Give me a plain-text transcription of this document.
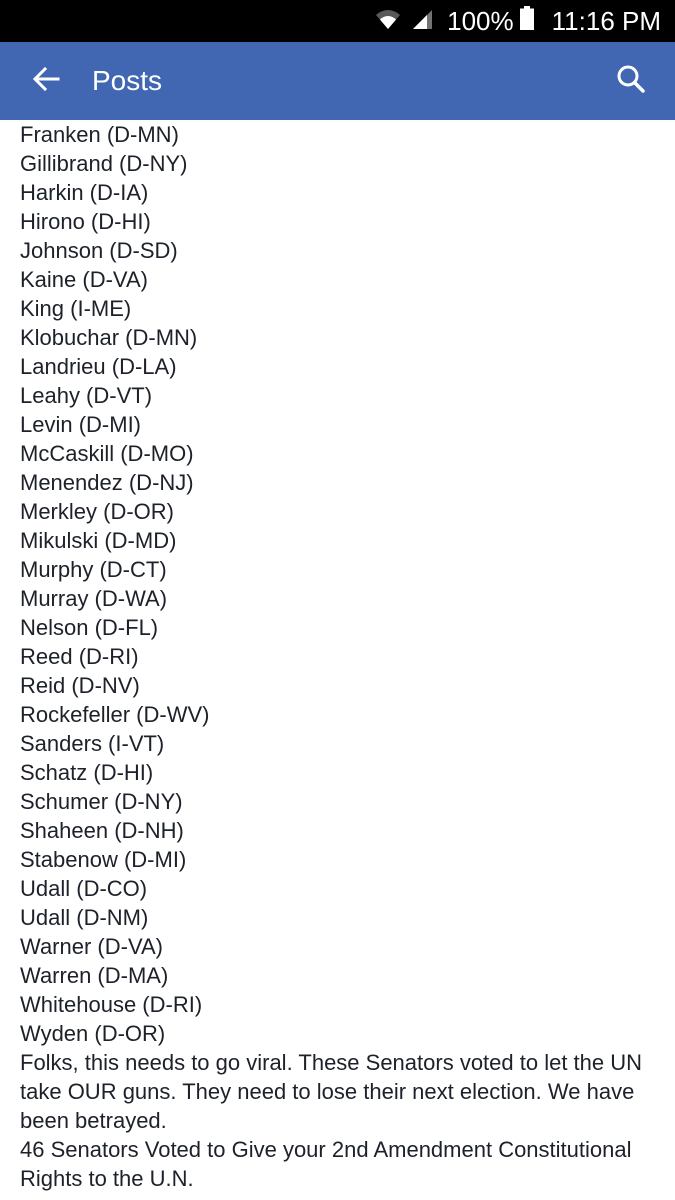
100% 11:16 PM
Posts
Franken (D-MN)
Gillibrand (D-NY)
Harkin (D-IA)
Hirono (D-HI)
Johnson (D-SD)
Kaine (D-VA)
King (I-ME)
Klobuchar (D-MN)
Landrieu (D-LA)
Leahy (D-VT)
Levin (D-MI)
McCaskill (D-MO)
Menendez (D-NJ)
Merkley (D-OR)
Mikulski (D-MD)
Murphy (D-CT)
Murray (D-WA)
Nelson (D-FL)
Reed (D-RI)
Reid (D-NV)
Rockefeller (D-WV)
Sanders (I-VT)
Schatz (D-HI)
Schumer (D-NY)
Shaheen (D-NH)
Stabenow (D-MI)
Udall (D-CO)
Udall (D-NM)
Warner (D-VA)
Warren (D-MA)
Whitehouse (D-RI)
Wyden (D-OR)
Folks, this needs to go viral. These Senators voted to let the UN take OUR guns. They need to lose their next election. We have been betrayed.
46 Senators Voted to Give your 2nd Amendment Constitutional Rights to the U.N.
